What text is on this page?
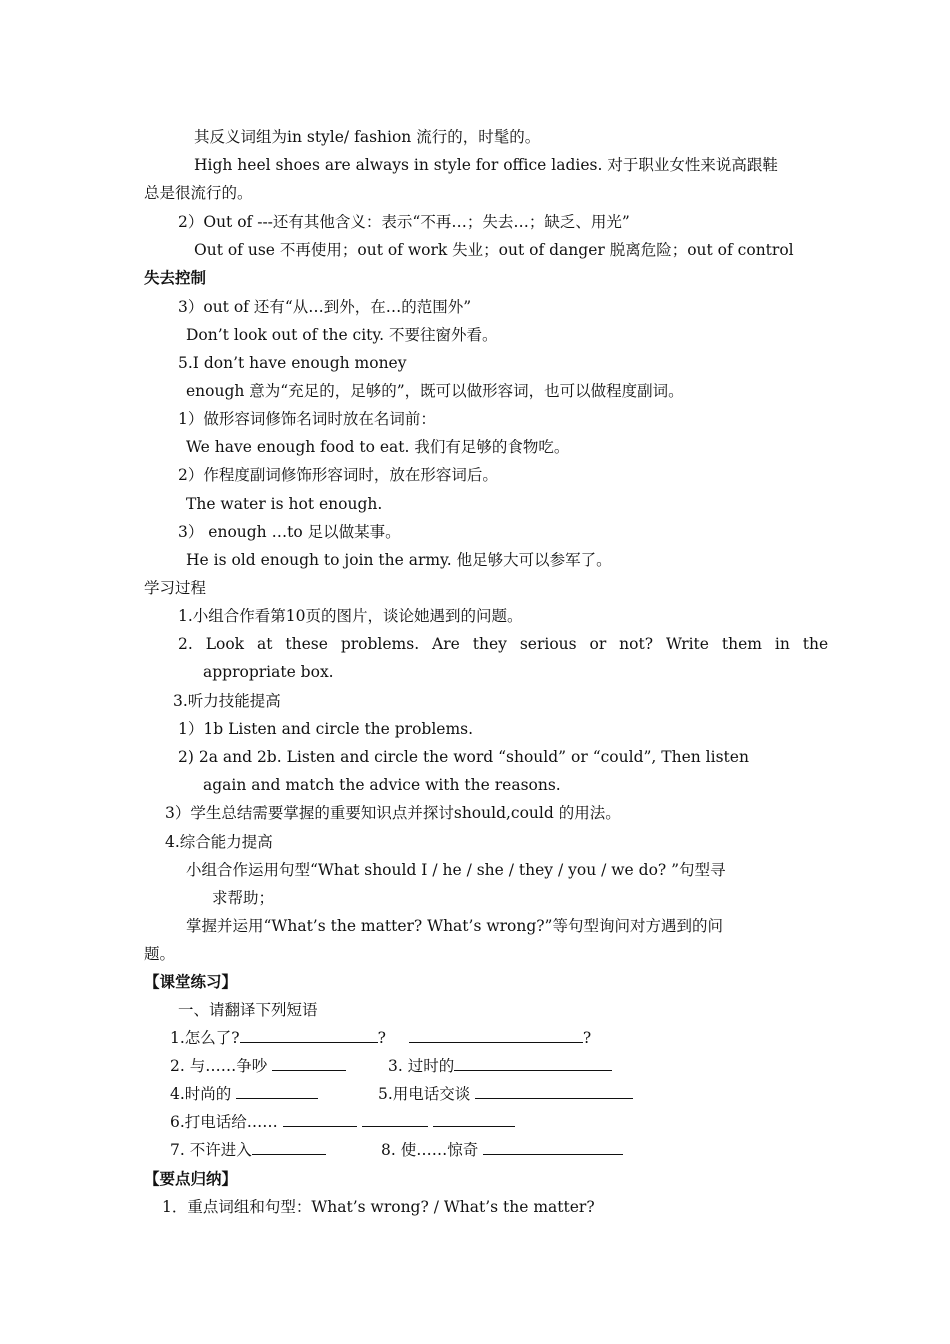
其反义词组为in style/ fashion 流行的，时髦的。
High heel shoes are always in style for office ladies. 对于职业女性来说高跟鞋
总是很流行的。
2）Out of ---还有其他含义：表示“不再…；失去…；缺乏、用光”
Out of use 不再使用；out of work 失业；out of danger 脱离危险；out of control
失去控制
3）out of 还有“从…到外，在…的范围外”
Don’t look out of the city. 不要往窗外看。
5.I don’t have enough money
enough 意为“充足的，足够的”，既可以做形容词，也可以做程度副词。
1）做形容词修饰名词时放在名词前：
We have enough food to eat. 我们有足够的食物吃。
2）作程度副词修饰形容词时，放在形容词后。
The water is hot enough.
3） enough …to 足以做某事。
He is old enough to join the army. 他足够大可以参军了。
学习过程
1.小组合作看第10页的图片，谈论她遇到的问题。
2. Look at these problems. Are they serious or not? Write them in the
appropriate box.
3.听力技能提高
1）1b Listen and circle the problems.
2) 2a and 2b. Listen and circle the word “should” or “could”, Then listen
again and match the advice with the reasons.
3）学生总结需要掌握的重要知识点并探讨should,could 的用法。
4.综合能力提高
小组合作运用句型“What should I / he / she / they / you / we do? ”句型寻
求帮助；
掌握并运用“What’s the matter? What’s wrong?”等句型询问对方遇到的问
题。
【课堂练习】
一、请翻译下列短语
1.怎么了?	?	?
2. 与……争吵	3. 过时的
4.时尚的	5.用电话交谈
6.打电话给……
7. 不许进入	8. 使……惊奇
【要点归纳】
1．重点词组和句型：What’s wrong? / What’s the matter?
